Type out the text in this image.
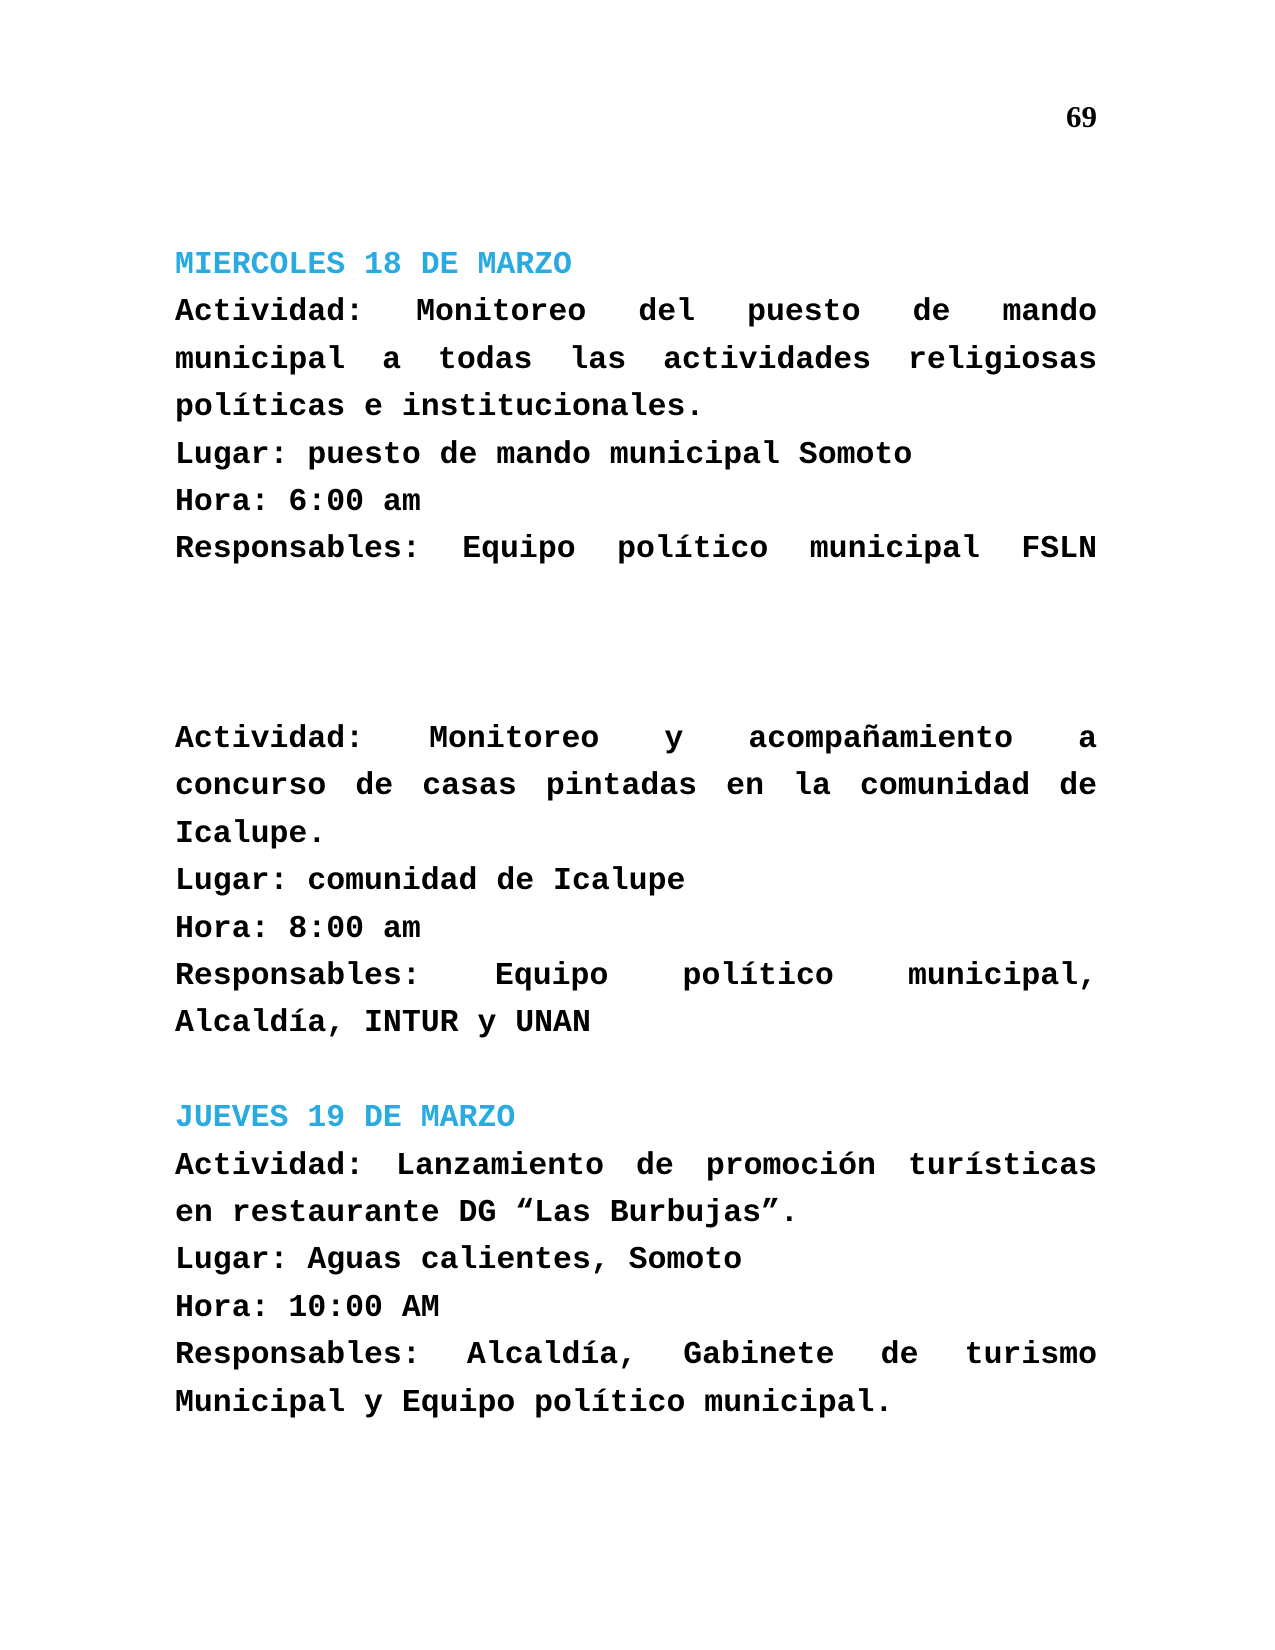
69
MIERCOLES 18 DE MARZO
Actividad: Monitoreo del puesto de mando
municipal a todas las actividades religiosas
políticas e institucionales.
Lugar: puesto de mando municipal Somoto
Hora: 6:00 am
Responsables: Equipo político municipal FSLN
Actividad: Monitoreo y acompañamiento a
concurso de casas pintadas en la comunidad de
Icalupe.
Lugar: comunidad de Icalupe
Hora: 8:00 am
Responsables: Equipo político municipal,
Alcaldía, INTUR y UNAN
JUEVES 19 DE MARZO
Actividad: Lanzamiento de promoción turísticas
en restaurante DG “Las Burbujas”.
Lugar: Aguas calientes, Somoto
Hora: 10:00 AM
Responsables: Alcaldía, Gabinete de turismo
Municipal y Equipo político municipal.
